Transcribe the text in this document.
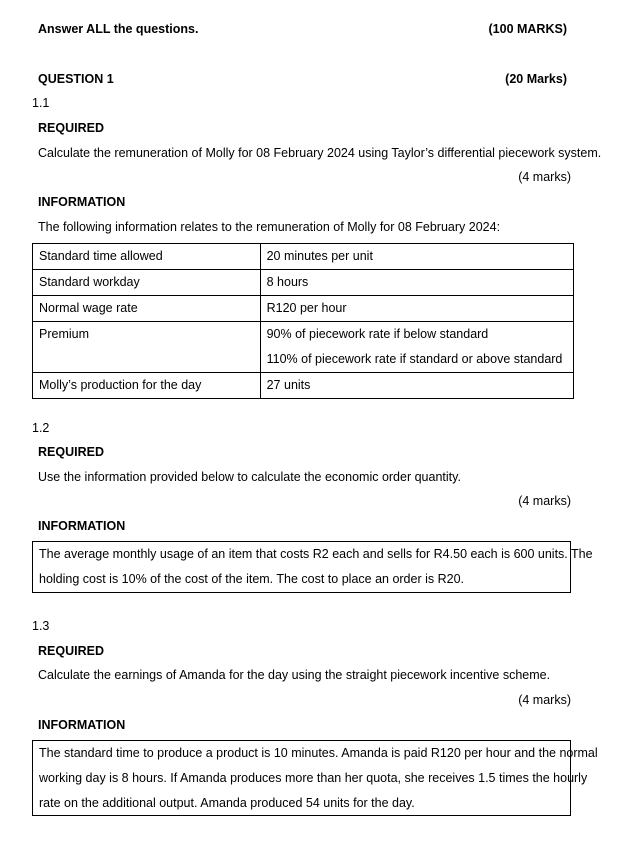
Answer ALL the questions.	(100 MARKS)
QUESTION 1	(20 Marks)
1.1
REQUIRED
Calculate the remuneration of Molly for 08 February 2024 using Taylor’s differential piecework system.
(4 marks)
INFORMATION
The following information relates to the remuneration of Molly for 08 February 2024:
Standard time allowed	20 minutes per unit

Standard workday	8 hours

Normal wage rate	R120 per hour

Premium	90% of piecework rate if below standard
110% of piecework rate if standard or above standard

Molly’s production for the day	27 units
1.2
REQUIRED
Use the information provided below to calculate the economic order quantity.
(4 marks)
INFORMATION
The average monthly usage of an item that costs R2 each and sells for R4.50 each is 600 units. The
holding cost is 10% of the cost of the item. The cost to place an order is R20.
1.3
REQUIRED
Calculate the earnings of Amanda for the day using the straight piecework incentive scheme.
(4 marks)
INFORMATION
The standard time to produce a product is 10 minutes. Amanda is paid R120 per hour and the normal
working day is 8 hours. If Amanda produces more than her quota, she receives 1.5 times the hourly
rate on the additional output. Amanda produced 54 units for the day.
